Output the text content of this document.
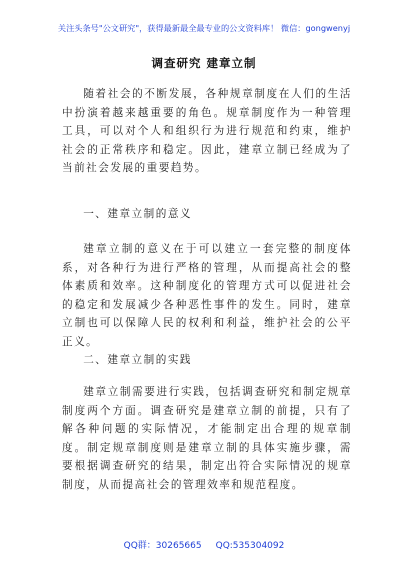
关注头条号"公文研究"，获得最新最全最专业的公文资料库！ 微信：gongwenyj
调查研究 建章立制
随着社会的不断发展，各种规章制度在人们的生活中扮演着越来越重要的角色。规章制度作为一种管理工具，可以对个人和组织行为进行规范和约束，维护社会的正常秩序和稳定。因此，建章立制已经成为了当前社会发展的重要趋势。
一、建章立制的意义
建章立制的意义在于可以建立一套完整的制度体系，对各种行为进行严格的管理，从而提高社会的整体素质和效率。这种制度化的管理方式可以促进社会的稳定和发展减少各种恶性事件的发生。同时，建章立制也可以保障人民的权利和利益，维护社会的公平正义。
二、建章立制的实践
建章立制需要进行实践，包括调查研究和制定规章制度两个方面。调查研究是建章立制的前提，只有了解各种问题的实际情况，才能制定出合理的规章制度。制定规章制度则是建章立制的具体实施步骤，需要根据调查研究的结果，制定出符合实际情况的规章制度，从而提高社会的管理效率和规范程度。
QQ群：30265665 QQ:535304092
